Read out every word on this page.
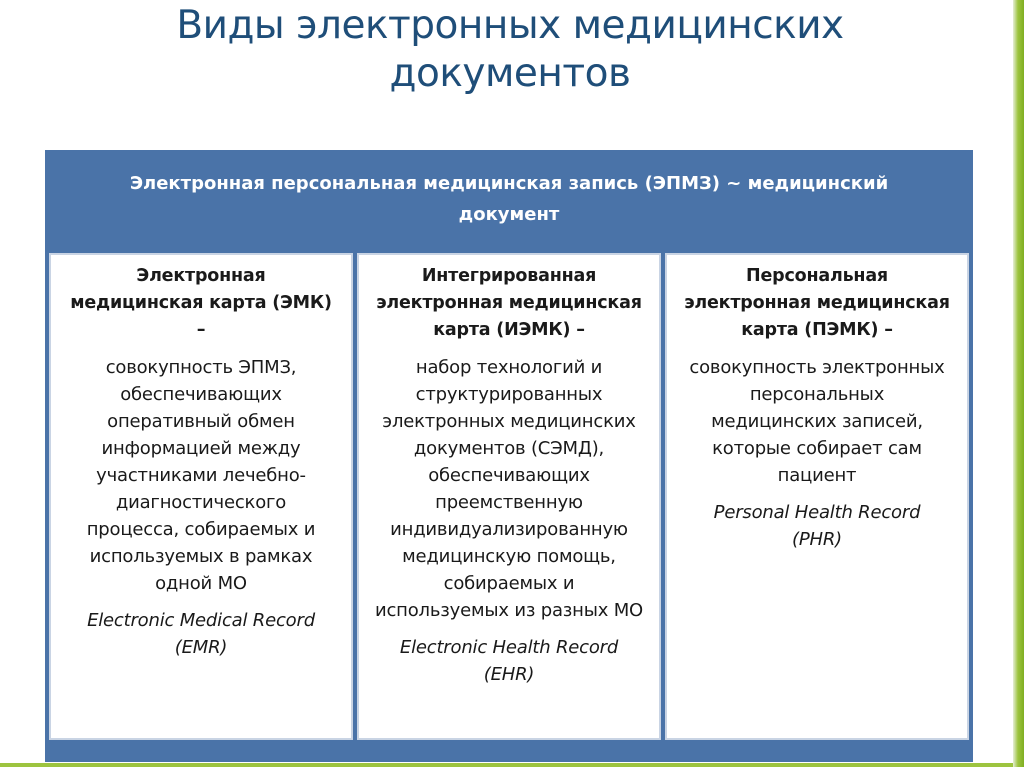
Виды электронных медицинских
документов
Электронная персональная медицинская запись (ЭПМЗ) ~ медицинский
документ

Электронная
медицинская карта (ЭМК)
–

совокупность ЭПМЗ,
обеспечивающих
оперативный обмен
информацией между
участниками лечебно-
диагностического
процесса, собираемых и
используемых в рамках
одной МО

Electronic Medical Record
(EMR)

Интегрированная
электронная медицинская
карта (ИЭМК) –

набор технологий и
структурированных
электронных медицинских
документов (СЭМД),
обеспечивающих
преемственную
индивидуализированную
медицинскую помощь,
собираемых и
используемых из разных МО

Electronic Health Record
(EHR)

Персональная
электронная медицинская
карта (ПЭМК) –

совокупность электронных
персональных
медицинских записей,
которые собирает сам
пациент

Personal Health Record
(PHR)
